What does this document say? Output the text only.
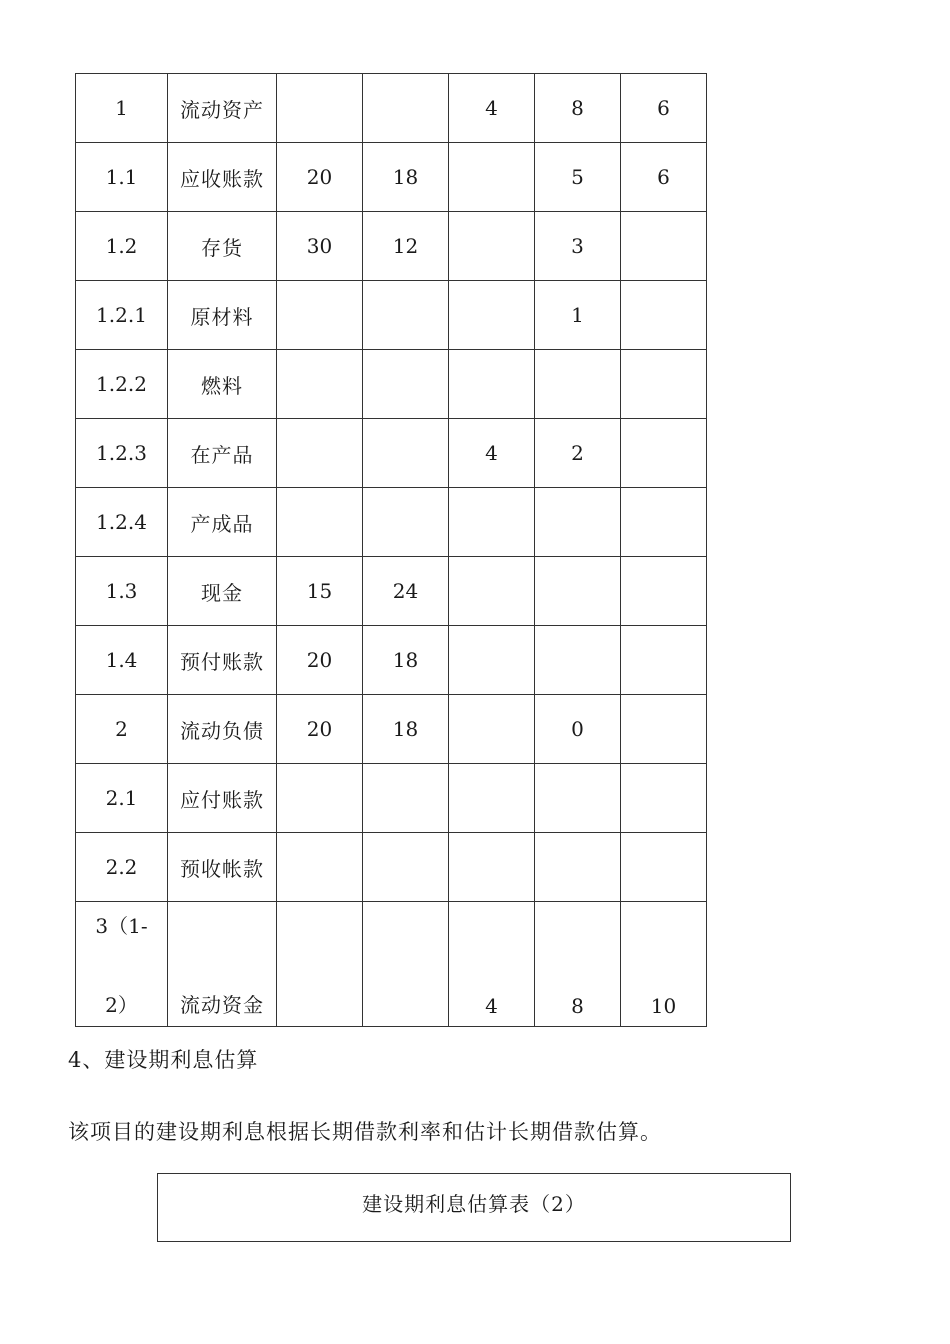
1	流动资产			4	8	6
1.1	应收账款	20	18		5	6
1.2	存货	30	12		3	
1.2.1	原材料				1	
1.2.2	燃料					
1.2.3	在产品			4	2	
1.2.4	产成品					
1.3	现金	15	24			
1.4	预付账款	20	18			
2	流动负债	20	18		0	
2.1	应付账款					
2.2	预收帐款					

3（1-
2）	流动资金			4	8	10
4、建设期利息估算
该项目的建设期利息根据长期借款利率和估计长期借款估算。
建设期利息估算表（2）
